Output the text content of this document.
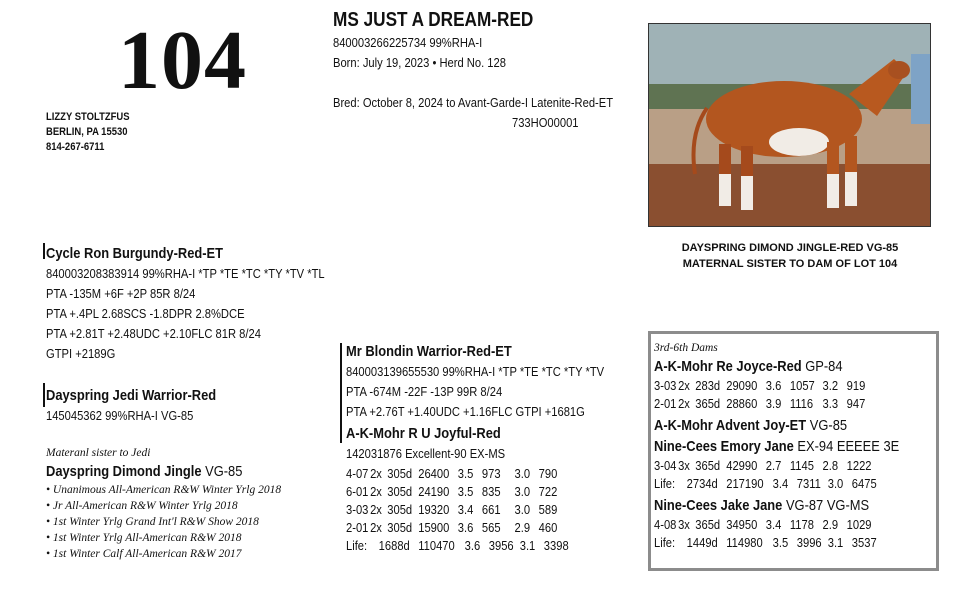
104
LIZZY STOLTZFUS
BERLIN, PA 15530
814-267-6711
MS JUST A DREAM-RED
840003266225734 99%RHA-I
Born: July 19, 2023 • Herd No. 128
Bred: October 8, 2024 to Avant-Garde-I Latenite-Red-ET
733HO00001
DAYSPRING DIMOND JINGLE-RED VG-85
MATERNAL SISTER TO DAM OF LOT 104
Cycle Ron Burgundy-Red-ET
840003208383914 99%RHA-I *TP *TE *TC *TY *TV *TL
PTA -135M +6F +2P 85R 8/24
PTA +.4PL 2.68SCS -1.8DPR 2.8%DCE
PTA +2.81T +2.48UDC +2.10FLC 81R 8/24
GTPI +2189G
Dayspring Jedi Warrior-Red
145045362 99%RHA-I VG-85
Materanl sister to Jedi
Dayspring Dimond Jingle VG-85
• Unanimous All-American R&W Winter Yrlg 2018
• Jr All-American R&W Winter Yrlg 2018
• 1st Winter Yrlg Grand Int'l R&W Show 2018
• 1st Winter Yrlg All-American R&W 2018
• 1st Winter Calf All-American R&W 2017
Mr Blondin Warrior-Red-ET
840003139655530 99%RHA-I *TP *TE *TC *TY *TV
PTA -674M -22F -13P 99R 8/24
PTA +2.76T +1.40UDC +1.16FLC GTPI +1681G
A-K-Mohr R U Joyful-Red
142031876 Excellent-90 EX-MS
4-07 2x 305d 26400 3.5 973	3.0 790
6-01 2x 305d 24190 3.5 835	3.0 722
3-03 2x 305d 19320 3.4 661	3.0 589
2-01 2x 305d 15900 3.6 565	2.9 460
Life: 1688d 110470 3.6 3956 3.1 3398
3rd-6th Dams
A-K-Mohr Re Joyce-Red GP-84
3-03 2x 283d 29090 3.6 1057 3.2 919
2-01 2x 365d 28860 3.9 1116 3.3 947
A-K-Mohr Advent Joy-ET VG-85
Nine-Cees Emory Jane EX-94 EEEEE 3E
3-04 3x 365d 42990 2.7 1145 2.8 1222
Life: 2734d 217190 3.4 7311 3.0 6475
Nine-Cees Jake Jane VG-87 VG-MS
4-08 3x 365d 34950 3.4 1178 2.9 1029
Life: 1449d 114980 3.5 3996 3.1 3537
